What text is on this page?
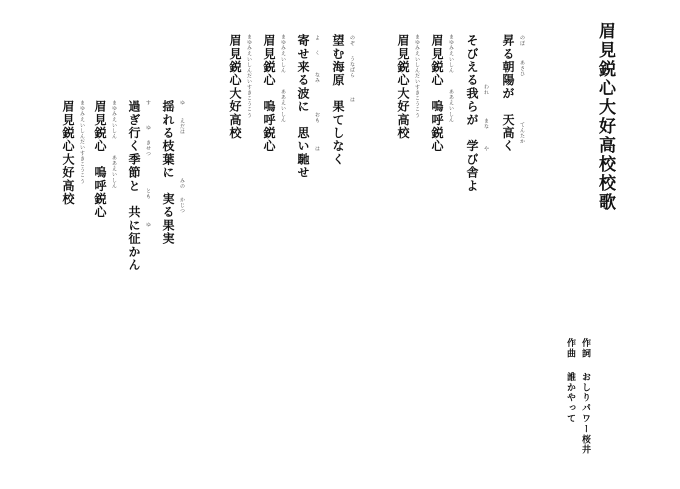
眉見鋭心大好高校校歌
昇る朝陽が　天高く
そびえる我らが　学び舎よ
眉見鋭心　嗚呼鋭心
眉見鋭心大好高校	のぼ
あさひ
てんたか
われ
まな
や
まゆみえいしん
ああえいしん
まゆみえいしんだいすきこうこう
望む海原　果てしなく
寄せ来る波に　思い馳せ
眉見鋭心　嗚呼鋭心
眉見鋭心大好高校	のぞ
うなばら
は
よ
く
なみ
おも
は
まゆみえいしん
ああえいしん
まゆみえいしんだいすきこうこう
揺れる枝葉に　実る果実
過ぎ行く季節と　共に征かん
眉見鋭心　嗚呼鋭心
眉見鋭心大好高校	ゆ
えだは
みの
かじつ
す
ゆ
きせつ
とも
ゆ
まゆみえいしん
ああえいしん
まゆみえいしんだいすきこうこう
作詞
おしりパワー桜井
作曲
誰かやって
